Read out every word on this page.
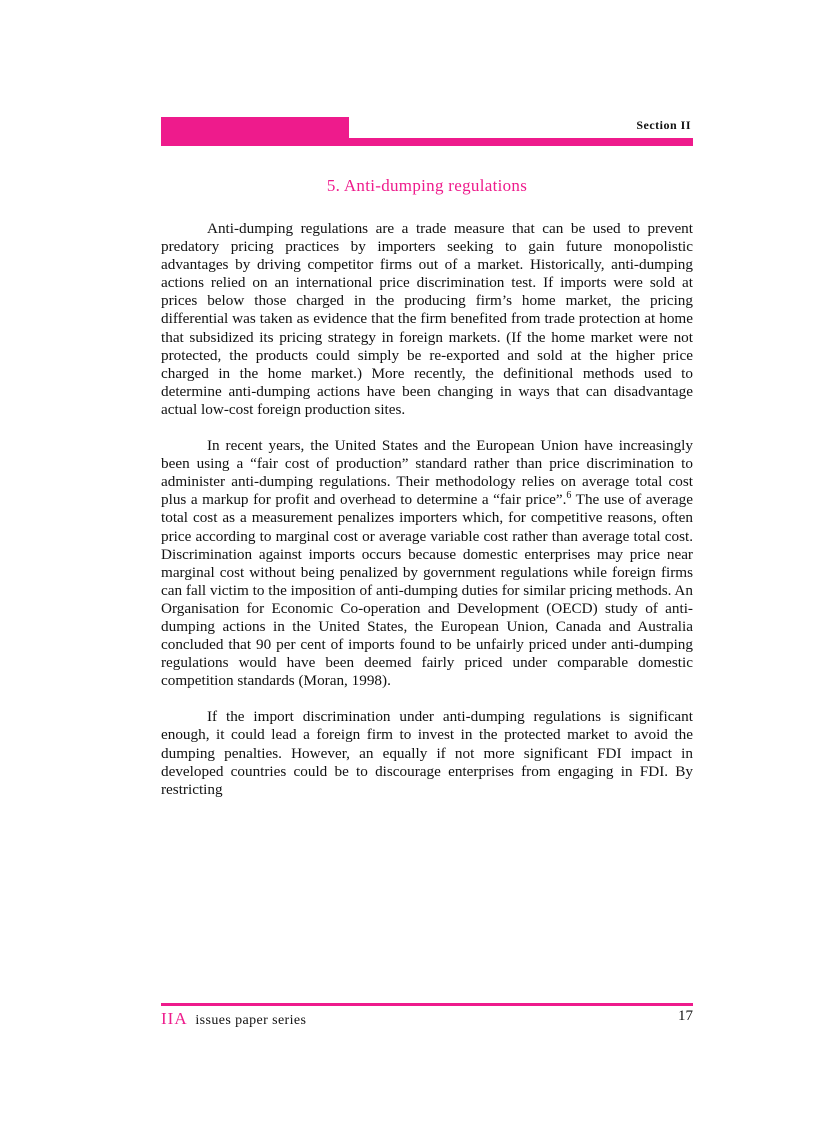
Section II
5. Anti-dumping regulations

Anti-dumping regulations are a trade measure that can be used to prevent predatory pricing practices by importers seeking to gain future monopolistic advantages by driving competitor firms out of a market. Historically, anti-dumping actions relied on an international price discrimination test. If imports were sold at prices below those charged in the producing firm’s home market, the pricing differential was taken as evidence that the firm benefited from trade protection at home that subsidized its pricing strategy in foreign markets. (If the home market were not protected, the products could simply be re-exported and sold at the higher price charged in the home market.) More recently, the definitional methods used to determine anti-dumping actions have been changing in ways that can disadvantage actual low-cost foreign production sites.

In recent years, the United States and the European Union have increasingly been using a “fair cost of production” standard rather than price discrimination to administer anti-dumping regulations. Their methodology relies on average total cost plus a markup for profit and overhead to determine a “fair price”.$^6$ The use of average total cost as a measurement penalizes importers which, for competitive reasons, often price according to marginal cost or average variable cost rather than average total cost. Discrimination against imports occurs because domestic enterprises may price near marginal cost without being penalized by government regulations while foreign firms can fall victim to the imposition of anti-dumping duties for similar pricing methods. An Organisation for Economic Co-operation and Development (OECD) study of anti-dumping actions in the United States, the European Union, Canada and Australia concluded that 90 per cent of imports found to be unfairly priced under anti-dumping regulations would have been deemed fairly priced under comparable domestic competition standards (Moran, 1998).

If the import discrimination under anti-dumping regulations is significant enough, it could lead a foreign firm to invest in the protected market to avoid the dumping penalties. However, an equally if not more significant FDI impact in developed countries could be to discourage enterprises from engaging in FDI. By restricting

IIA issues paper series	17
